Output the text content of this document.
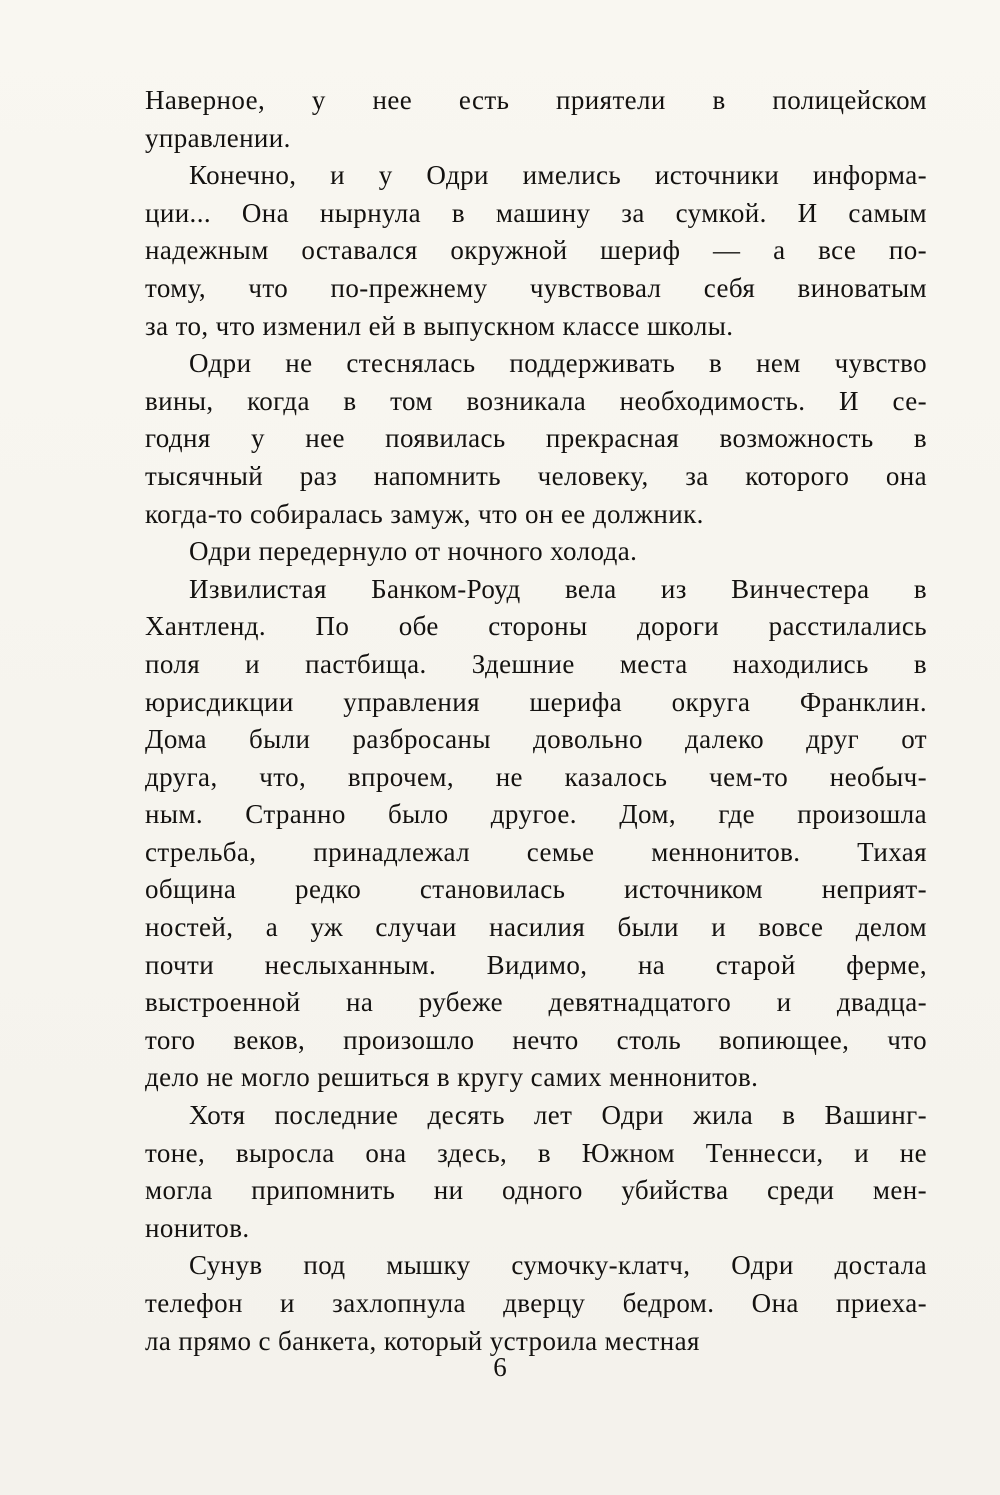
Наверное, у нее есть приятели в полицейском
управлении.

Конечно, и у Одри имелись источники информа-
ции... Она нырнула в машину за сумкой. И самым
надежным оставался окружной шериф — а все по-
тому, что по-прежнему чувствовал себя виноватым
за то, что изменил ей в выпускном классе школы.

Одри не стеснялась поддерживать в нем чувство
вины, когда в том возникала необходимость. И се-
годня у нее появилась прекрасная возможность в
тысячный раз напомнить человеку, за которого она
когда-то собиралась замуж, что он ее должник.

Одри передернуло от ночного холода.

Извилистая Банком-Роуд вела из Винчестера в
Хантленд. По обе стороны дороги расстилались
поля и пастбища. Здешние места находились в
юрисдикции управления шерифа округа Франклин.
Дома были разбросаны довольно далеко друг от
друга, что, впрочем, не казалось чем-то необыч-
ным. Странно было другое. Дом, где произошла
стрельба, принадлежал семье меннонитов. Тихая
община редко становилась источником неприят-
ностей, а уж случаи насилия были и вовсе делом
почти неслыханным. Видимо, на старой ферме,
выстроенной на рубеже девятнадцатого и двадца-
того веков, произошло нечто столь вопиющее, что
дело не могло решиться в кругу самих меннонитов.

Хотя последние десять лет Одри жила в Вашинг-
тоне, выросла она здесь, в Южном Теннесси, и не
могла припомнить ни одного убийства среди мен-
нонитов.

Сунув под мышку сумочку-клатч, Одри достала
телефон и захлопнула дверцу бедром. Она приеха-
ла прямо с банкета, который устроила местная

6
